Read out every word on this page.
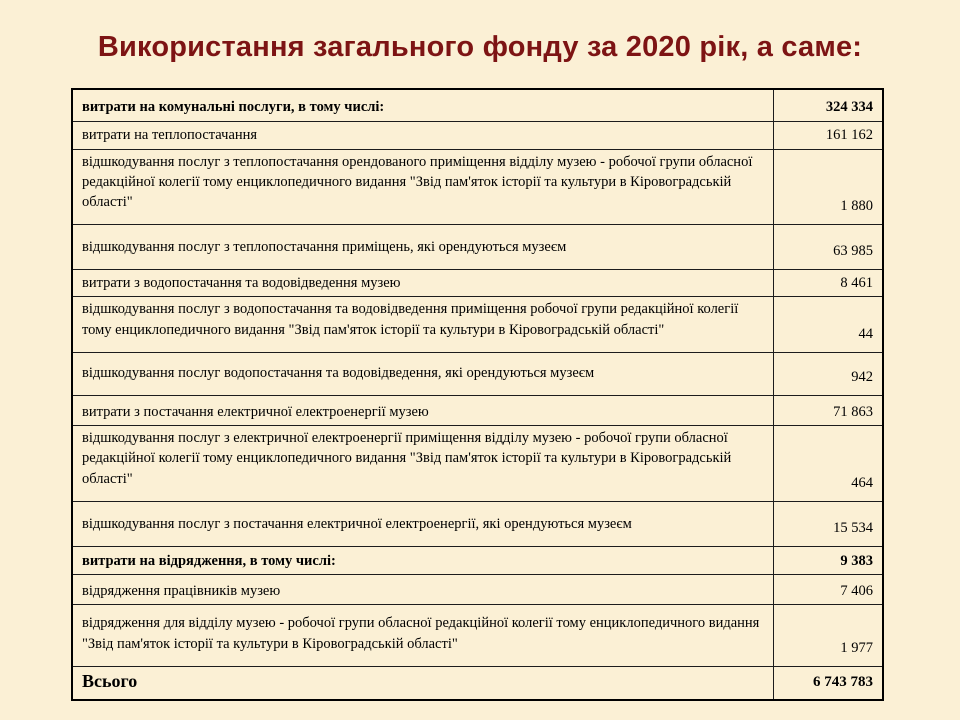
Використання загального фонду за 2020 рік, а саме:
витрати на комунальні послуги, в тому числі:	324 334
витрати на теплопостачання	161 162
відшкодування послуг з теплопостачання орендованого приміщення відділу музею - робочої групи обласної редакційної колегії тому енциклопедичного видання "Звід пам'яток історії та культури в Кіровоградській області"	1 880
відшкодування послуг з теплопостачання приміщень, які орендуються музеєм	63 985
витрати з водопостачання та водовідведення музею	8 461
відшкодування послуг з водопостачання та водовідведення приміщення робочої групи редакційної колегії тому енциклопедичного видання "Звід пам'яток історії та культури в Кіровоградській області"	44
відшкодування послуг водопостачання та водовідведення, які орендуються музеєм	942
витрати з постачання електричної електроенергії музею	71 863
відшкодування послуг з електричної електроенергії приміщення відділу музею - робочої групи обласної редакційної колегії тому енциклопедичного видання "Звід пам'яток історії та культури в Кіровоградській області"	464
відшкодування послуг з постачання електричної електроенергії, які орендуються музеєм	15 534
витрати на відрядження, в тому числі:	9 383
відрядження працівників музею	7 406
відрядження для відділу музею - робочої групи обласної редакційної колегії тому енциклопедичного видання "Звід пам'яток історії та культури в Кіровоградській області"	1 977
Всього	6 743 783
